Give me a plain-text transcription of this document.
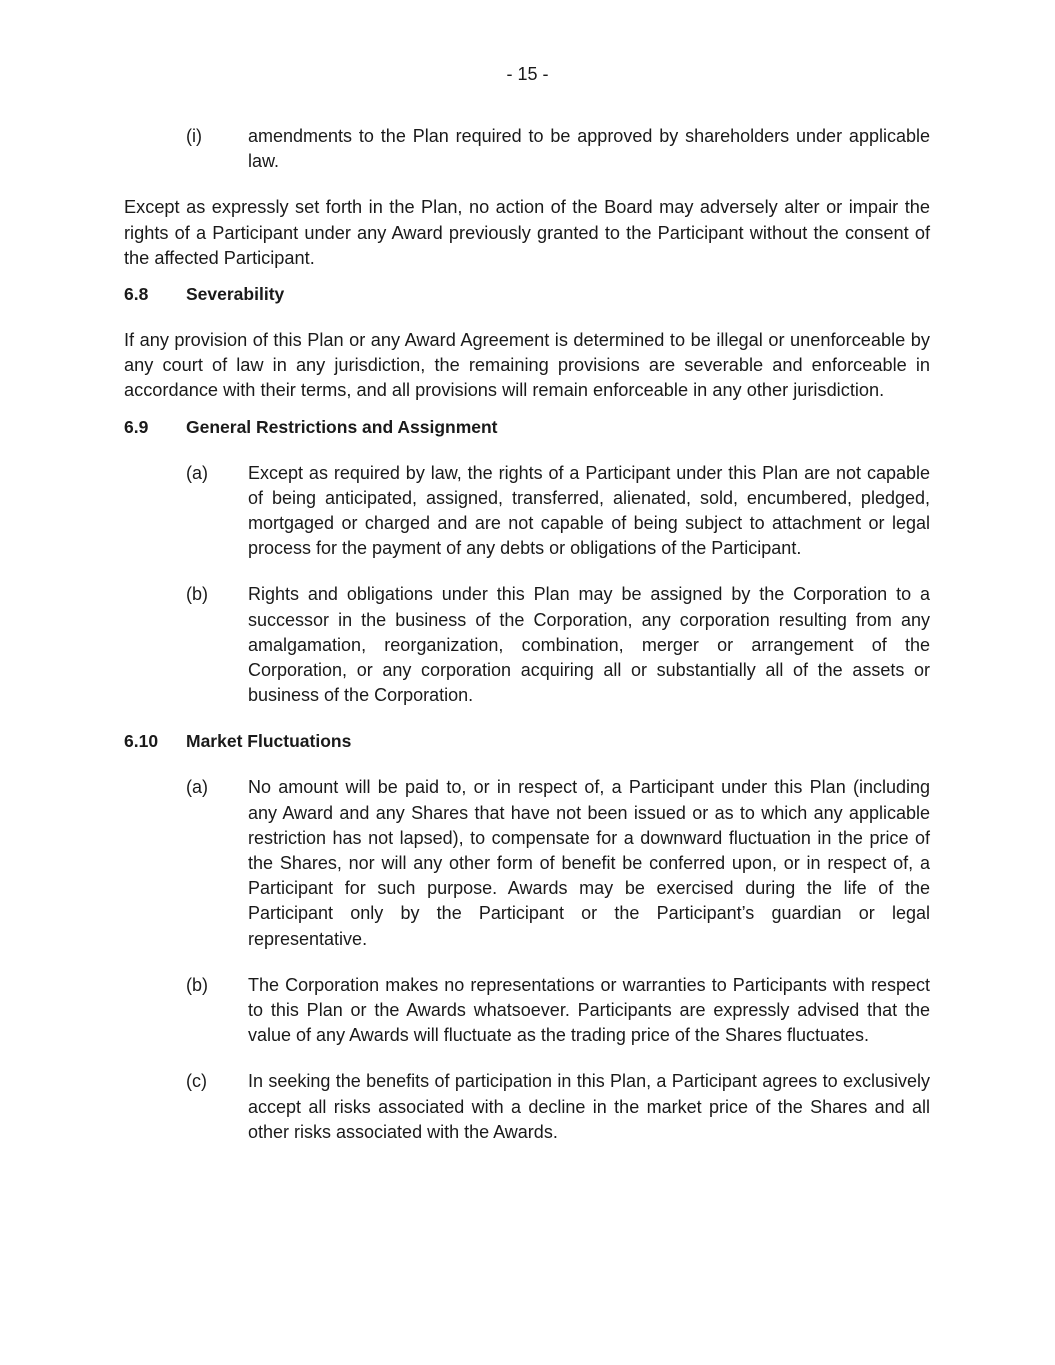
- 15 -
(i)	amendments to the Plan required to be approved by shareholders under applicable law.
Except as expressly set forth in the Plan, no action of the Board may adversely alter or impair the rights of a Participant under any Award previously granted to the Participant without the consent of the affected Participant.
6.8	Severability
If any provision of this Plan or any Award Agreement is determined to be illegal or unenforceable by any court of law in any jurisdiction, the remaining provisions are severable and enforceable in accordance with their terms, and all provisions will remain enforceable in any other jurisdiction.
6.9	General Restrictions and Assignment
(a)	Except as required by law, the rights of a Participant under this Plan are not capable of being anticipated, assigned, transferred, alienated, sold, encumbered, pledged, mortgaged or charged and are not capable of being subject to attachment or legal process for the payment of any debts or obligations of the Participant.
(b)	Rights and obligations under this Plan may be assigned by the Corporation to a successor in the business of the Corporation, any corporation resulting from any amalgamation, reorganization, combination, merger or arrangement of the Corporation, or any corporation acquiring all or substantially all of the assets or business of the Corporation.
6.10	Market Fluctuations
(a)	No amount will be paid to, or in respect of, a Participant under this Plan (including any Award and any Shares that have not been issued or as to which any applicable restriction has not lapsed), to compensate for a downward fluctuation in the price of the Shares, nor will any other form of benefit be conferred upon, or in respect of, a Participant for such purpose. Awards may be exercised during the life of the Participant only by the Participant or the Participant’s guardian or legal representative.
(b)	The Corporation makes no representations or warranties to Participants with respect to this Plan or the Awards whatsoever. Participants are expressly advised that the value of any Awards will fluctuate as the trading price of the Shares fluctuates.
(c)	In seeking the benefits of participation in this Plan, a Participant agrees to exclusively accept all risks associated with a decline in the market price of the Shares and all other risks associated with the Awards.
